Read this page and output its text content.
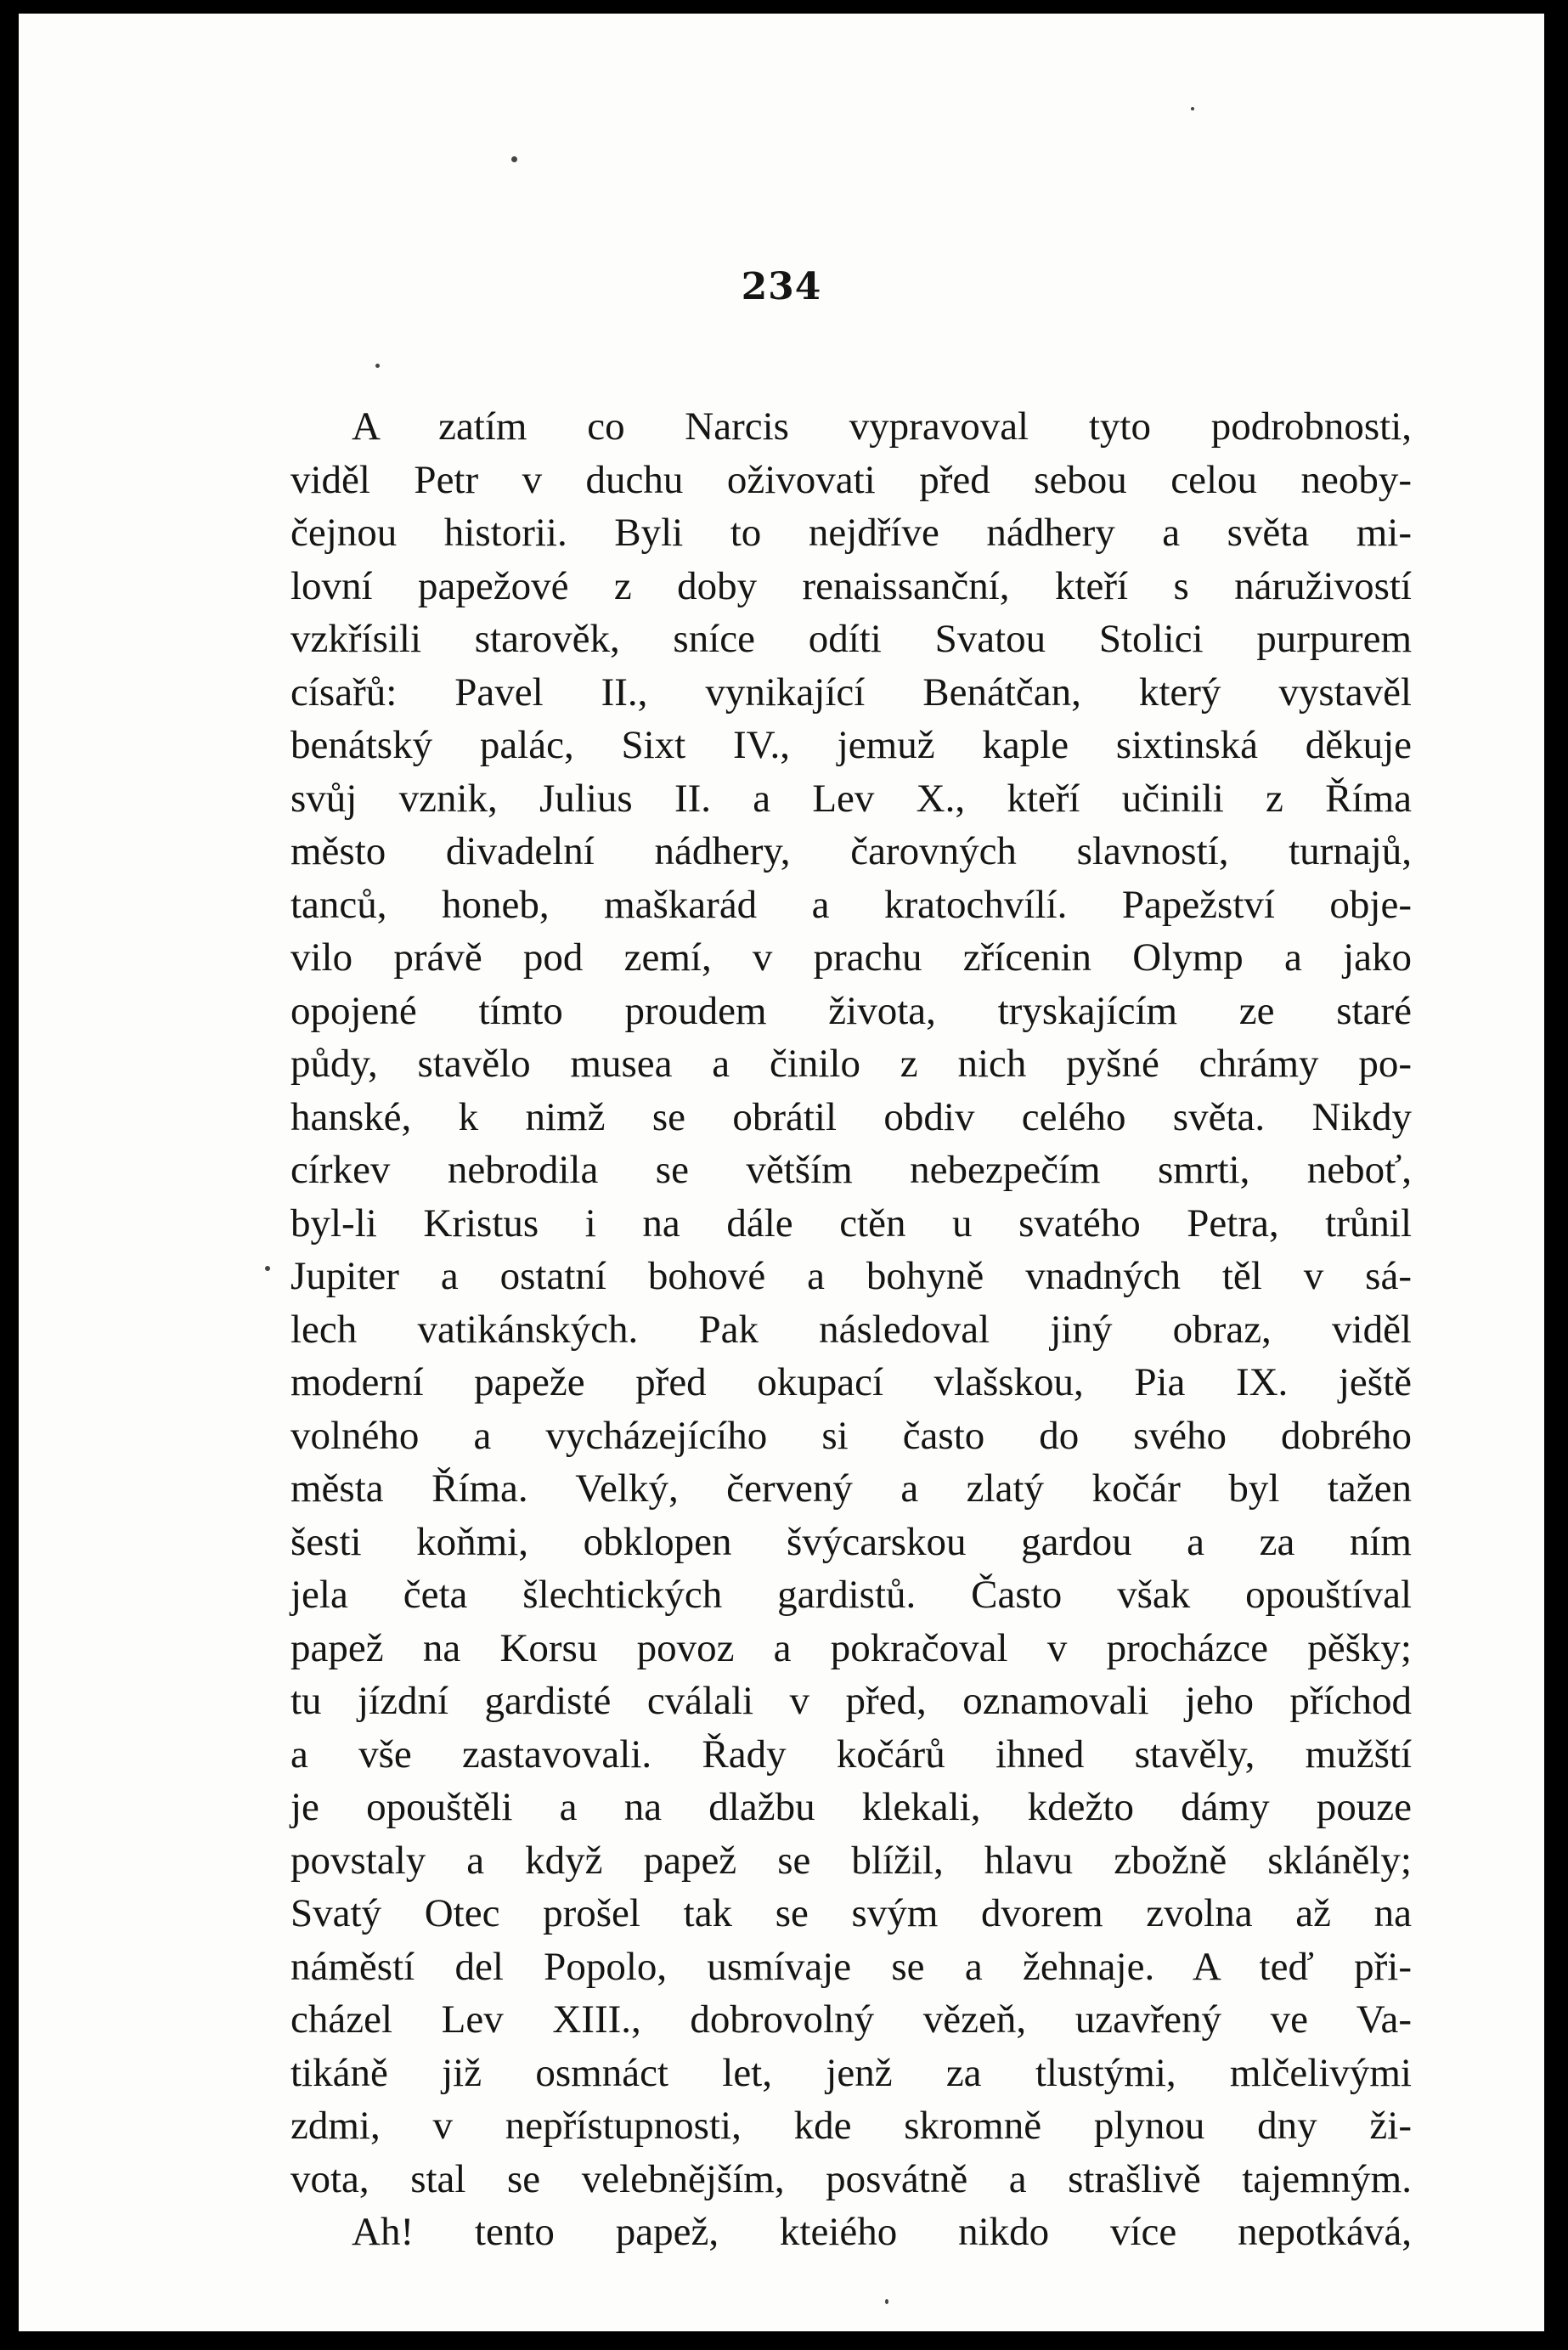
234
A zatím co Narcis vypravoval tyto podrobnosti,
viděl Petr v duchu oživovati před sebou celou neoby-
čejnou historii. Byli to nejdříve nádhery a světa mi-
lovní papežové z doby renaissanční, kteří s náruživostí
vzkřísili starověk, sníce odíti Svatou Stolici purpurem
císařů: Pavel II., vynikající Benátčan, který vystavěl
benátský palác, Sixt IV., jemuž kaple sixtinská děkuje
svůj vznik, Julius II. a Lev X., kteří učinili z Říma
město divadelní nádhery, čarovných slavností, turnajů,
tanců, honeb, maškarád a kratochvílí. Papežství obje-
vilo právě pod zemí, v prachu zřícenin Olymp a jako
opojené tímto proudem života, tryskajícím ze staré
půdy, stavělo musea a činilo z nich pyšné chrámy po-
hanské, k nimž se obrátil obdiv celého světa. Nikdy
církev nebrodila se větším nebezpečím smrti, neboť,
byl-li Kristus i na dále ctěn u svatého Petra, trůnil
Jupiter a ostatní bohové a bohyně vnadných těl v sá-
lech vatikánských. Pak následoval jiný obraz, viděl
moderní papeže před okupací vlašskou, Pia IX. ještě
volného a vycházejícího si často do svého dobrého
města Říma. Velký, červený a zlatý kočár byl tažen
šesti koňmi, obklopen švýcarskou gardou a za ním
jela četa šlechtických gardistů. Často však opouštíval
papež na Korsu povoz a pokračoval v procházce pěšky;
tu jízdní gardisté cválali v před, oznamovali jeho příchod
a vše zastavovali. Řady kočárů ihned stavěly, mužští
je opouštěli a na dlažbu klekali, kdežto dámy pouze
povstaly a když papež se blížil, hlavu zbožně skláněly;
Svatý Otec prošel tak se svým dvorem zvolna až na
náměstí del Popolo, usmívaje se a žehnaje. A teď při-
cházel Lev XIII., dobrovolný vězeň, uzavřený ve Va-
tikáně již osmnáct let, jenž za tlustými, mlčelivými
zdmi, v nepřístupnosti, kde skromně plynou dny ži-
vota, stal se velebnějším, posvátně a strašlivě tajemným.
Ah! tento papež, kteiého nikdo více nepotkává,
